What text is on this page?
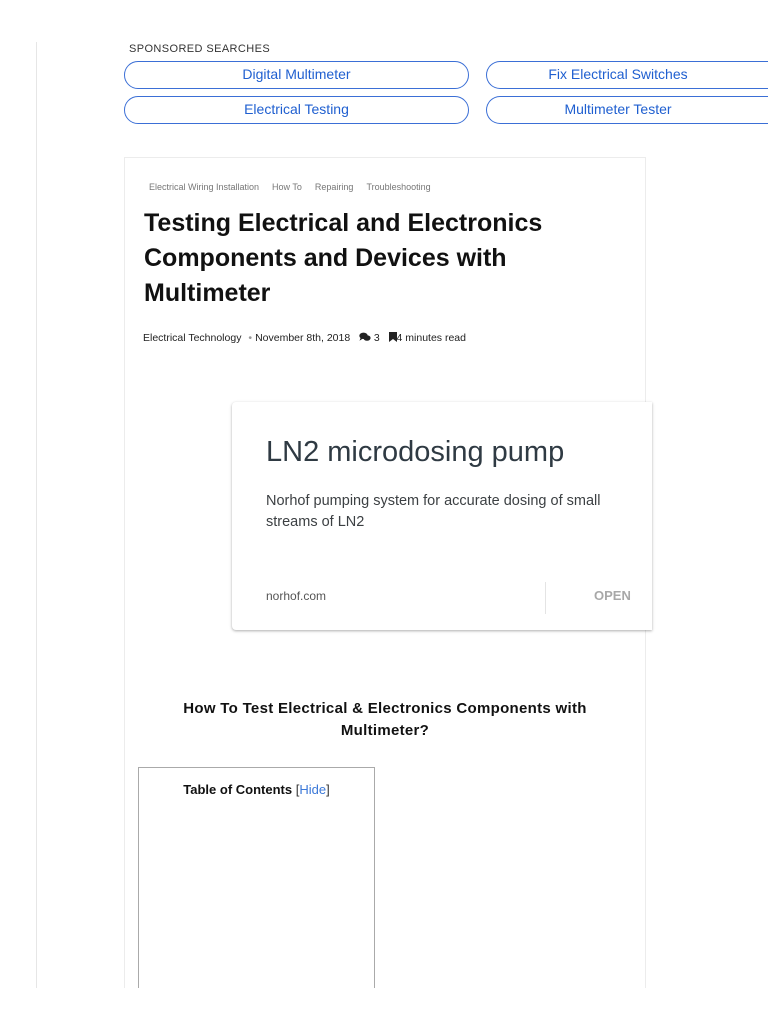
SPONSORED SEARCHES
Digital Multimeter	Fix Electrical Switches
Electrical Testing	Multimeter Tester
Electrical Wiring Installation How To Repairing Troubleshooting
Testing Electrical and Electronics Components and Devices with Multimeter
Electrical Technology • November 8th, 2018 3 4 minutes read
LN2 microdosing pump
Norhof pumping system for accurate dosing of small streams of LN2
norhof.com	OPEN
How To Test Electrical & Electronics Components with Multimeter?
Table of Contents [Hide]
